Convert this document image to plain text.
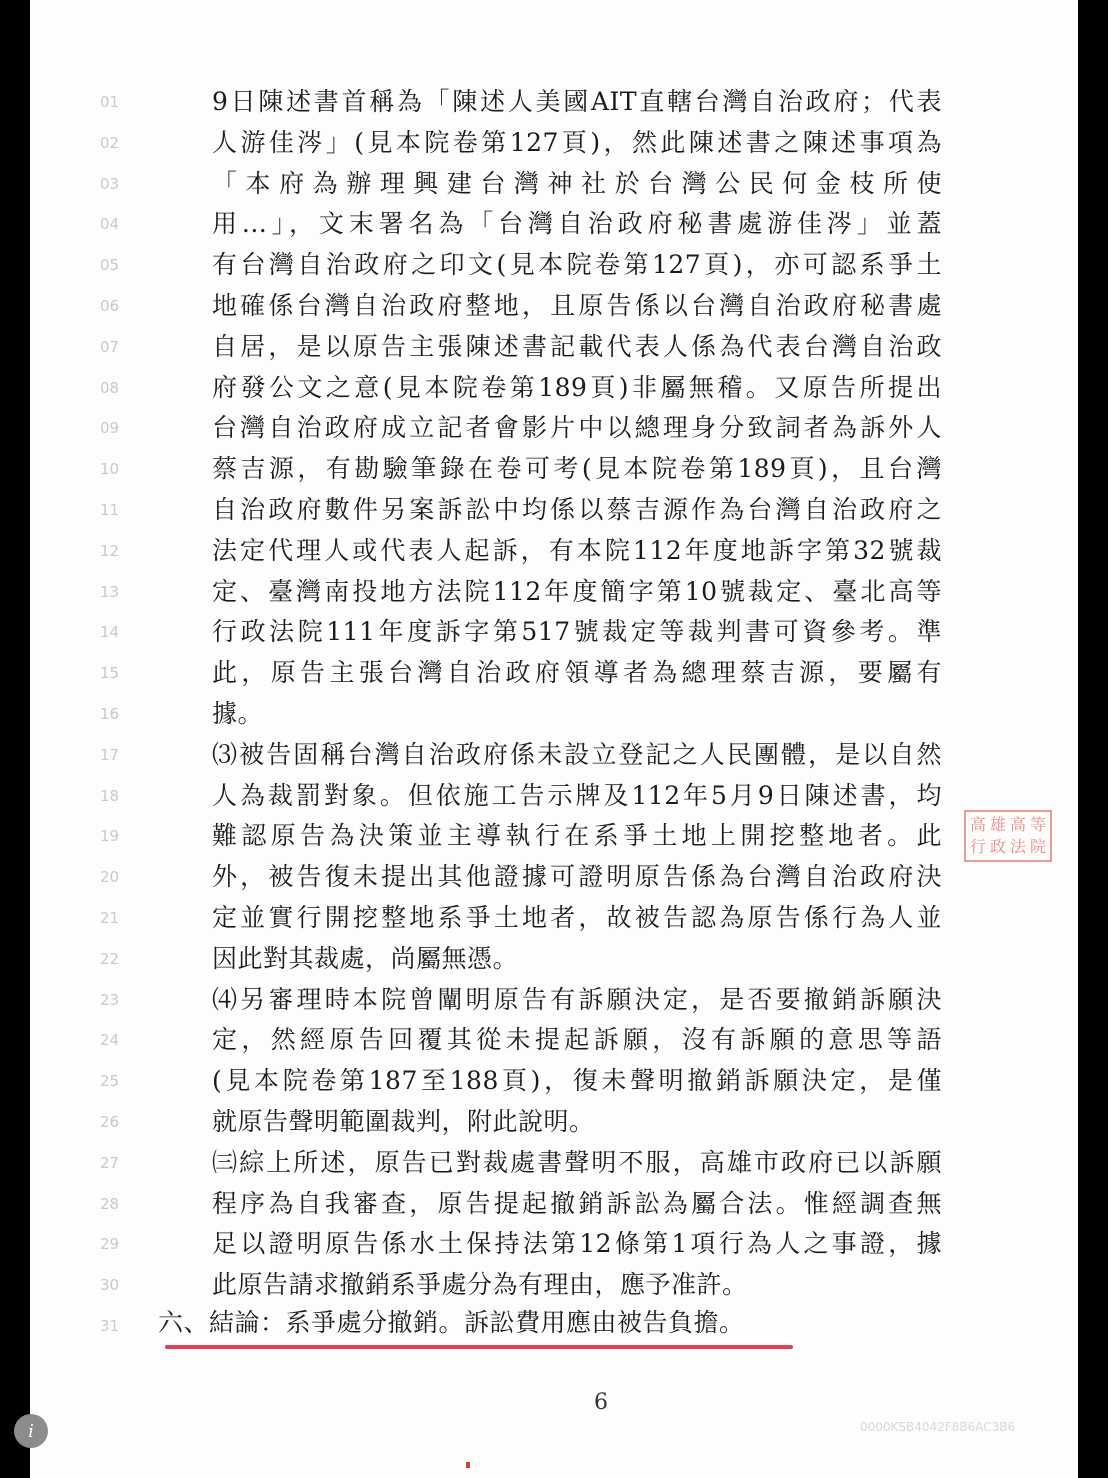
01
02
03
04
05
06
07
08
09
10
11
12
13
14
15
16
17
18
19
20
21
22
23
24
25
26
27
28
29
30
31
9日陳述書首稱為「陳述人美國AIT直轄台灣自治政府；代表
人游佳涔」(見本院卷第127頁)，然此陳述書之陳述事項為
「本府為辦理興建台灣神社於台灣公民何金枝所使
用...」，文末署名為「台灣自治政府秘書處游佳涔」並蓋
有台灣自治政府之印文(見本院卷第127頁)，亦可認系爭土
地確係台灣自治政府整地，且原告係以台灣自治政府秘書處
自居，是以原告主張陳述書記載代表人係為代表台灣自治政
府發公文之意(見本院卷第189頁)非屬無稽。又原告所提出
台灣自治政府成立記者會影片中以總理身分致詞者為訴外人
蔡吉源，有勘驗筆錄在卷可考(見本院卷第189頁)，且台灣
自治政府數件另案訴訟中均係以蔡吉源作為台灣自治政府之
法定代理人或代表人起訴，有本院112年度地訴字第32號裁
定、臺灣南投地方法院112年度簡字第10號裁定、臺北高等
行政法院111年度訴字第517號裁定等裁判書可資參考。準
此，原告主張台灣自治政府領導者為總理蔡吉源，要屬有
據。
⑶被告固稱台灣自治政府係未設立登記之人民團體，是以自然
人為裁罰對象。但依施工告示牌及112年5月9日陳述書，均
難認原告為決策並主導執行在系爭土地上開挖整地者。此
外，被告復未提出其他證據可證明原告係為台灣自治政府決
定並實行開挖整地系爭土地者，故被告認為原告係行為人並
因此對其裁處，尚屬無憑。
⑷另審理時本院曾闡明原告有訴願決定，是否要撤銷訴願決
定，然經原告回覆其從未提起訴願，沒有訴願的意思等語
(見本院卷第187至188頁)，復未聲明撤銷訴願決定，是僅
就原告聲明範圍裁判，附此說明。
㈢綜上所述，原告已對裁處書聲明不服，高雄市政府已以訴願
程序為自我審查，原告提起撤銷訴訟為屬合法。惟經調查無
足以證明原告係水土保持法第12條第1項行為人之事證，據
此原告請求撤銷系爭處分為有理由，應予准許。
六、結論：系爭處分撤銷。訴訟費用應由被告負擔。
高 雄 高 等
行 政 法 院
6
0000KSB4042F8B6AC3B6
i
